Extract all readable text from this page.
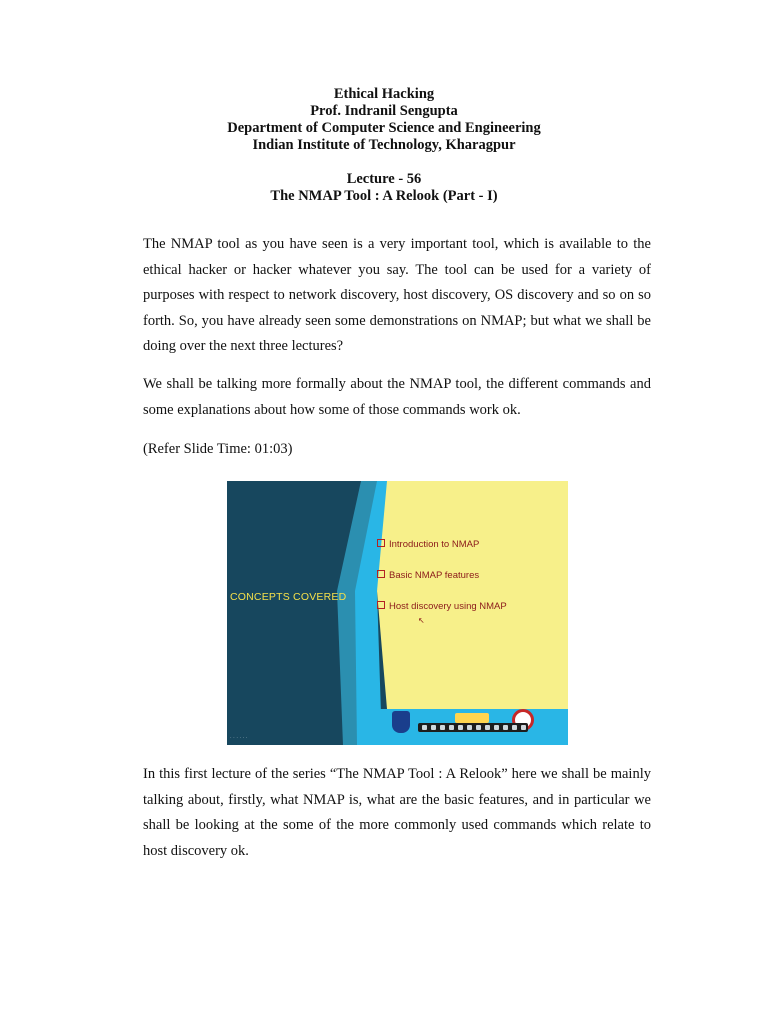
Ethical Hacking
Prof. Indranil Sengupta
Department of Computer Science and Engineering
Indian Institute of Technology, Kharagpur
Lecture - 56
The NMAP Tool : A Relook (Part - I)
The NMAP tool as you have seen is a very important tool, which is available to the ethical hacker or hacker whatever you say. The tool can be used for a variety of purposes with respect to network discovery, host discovery, OS discovery and so on so forth. So, you have already seen some demonstrations on NMAP; but what we shall be doing over the next three lectures?
We shall be talking more formally about the NMAP tool, the different commands and some explanations about how some of those commands work ok.
(Refer Slide Time: 01:03)
CONCEPTS COVERED
Introduction to NMAP
Basic NMAP features
Host discovery using NMAP
↖
· · · · · ·
In this first lecture of the series “The NMAP Tool : A Relook” here we shall be mainly talking about, firstly, what NMAP is, what are the basic features, and in particular we shall be looking at the some of the more commonly used commands which relate to host discovery ok.
